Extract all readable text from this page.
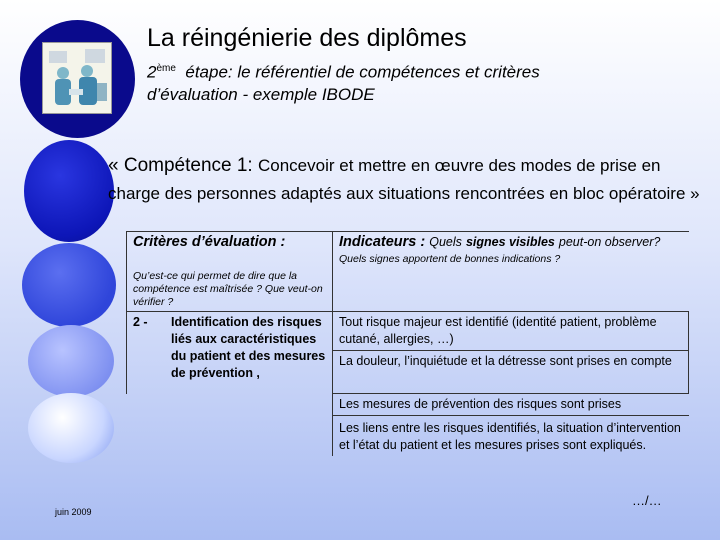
La réingénierie des diplômes
2ème étape: le référentiel de compétences et critères d’évaluation - exemple IBODE
« Compétence 1: Concevoir et mettre en œuvre des modes de prise en charge des personnes adaptés aux situations rencontrées en bloc opératoire »
Critères d’évaluation :	Indicateurs : Quels signes visibles peut-on observer? Quels signes apportent de bonnes indications ?

Qu’est-ce qui permet de dire que la compétence est maîtrisée ? Que veut-on vérifier ?	

2 - Identification des risques liés aux caractéristiques du patient et des mesures de prévention ,	Tout risque majeur est identifié (identité patient, problème cutané, allergies, …)
	La douleur, l’inquiétude et la détresse sont prises en compte
	Les mesures de prévention des risques sont prises
	Les liens entre les risques identifiés, la situation d’intervention et l’état du patient et les mesures prises sont expliqués.
…/…
juin 2009
